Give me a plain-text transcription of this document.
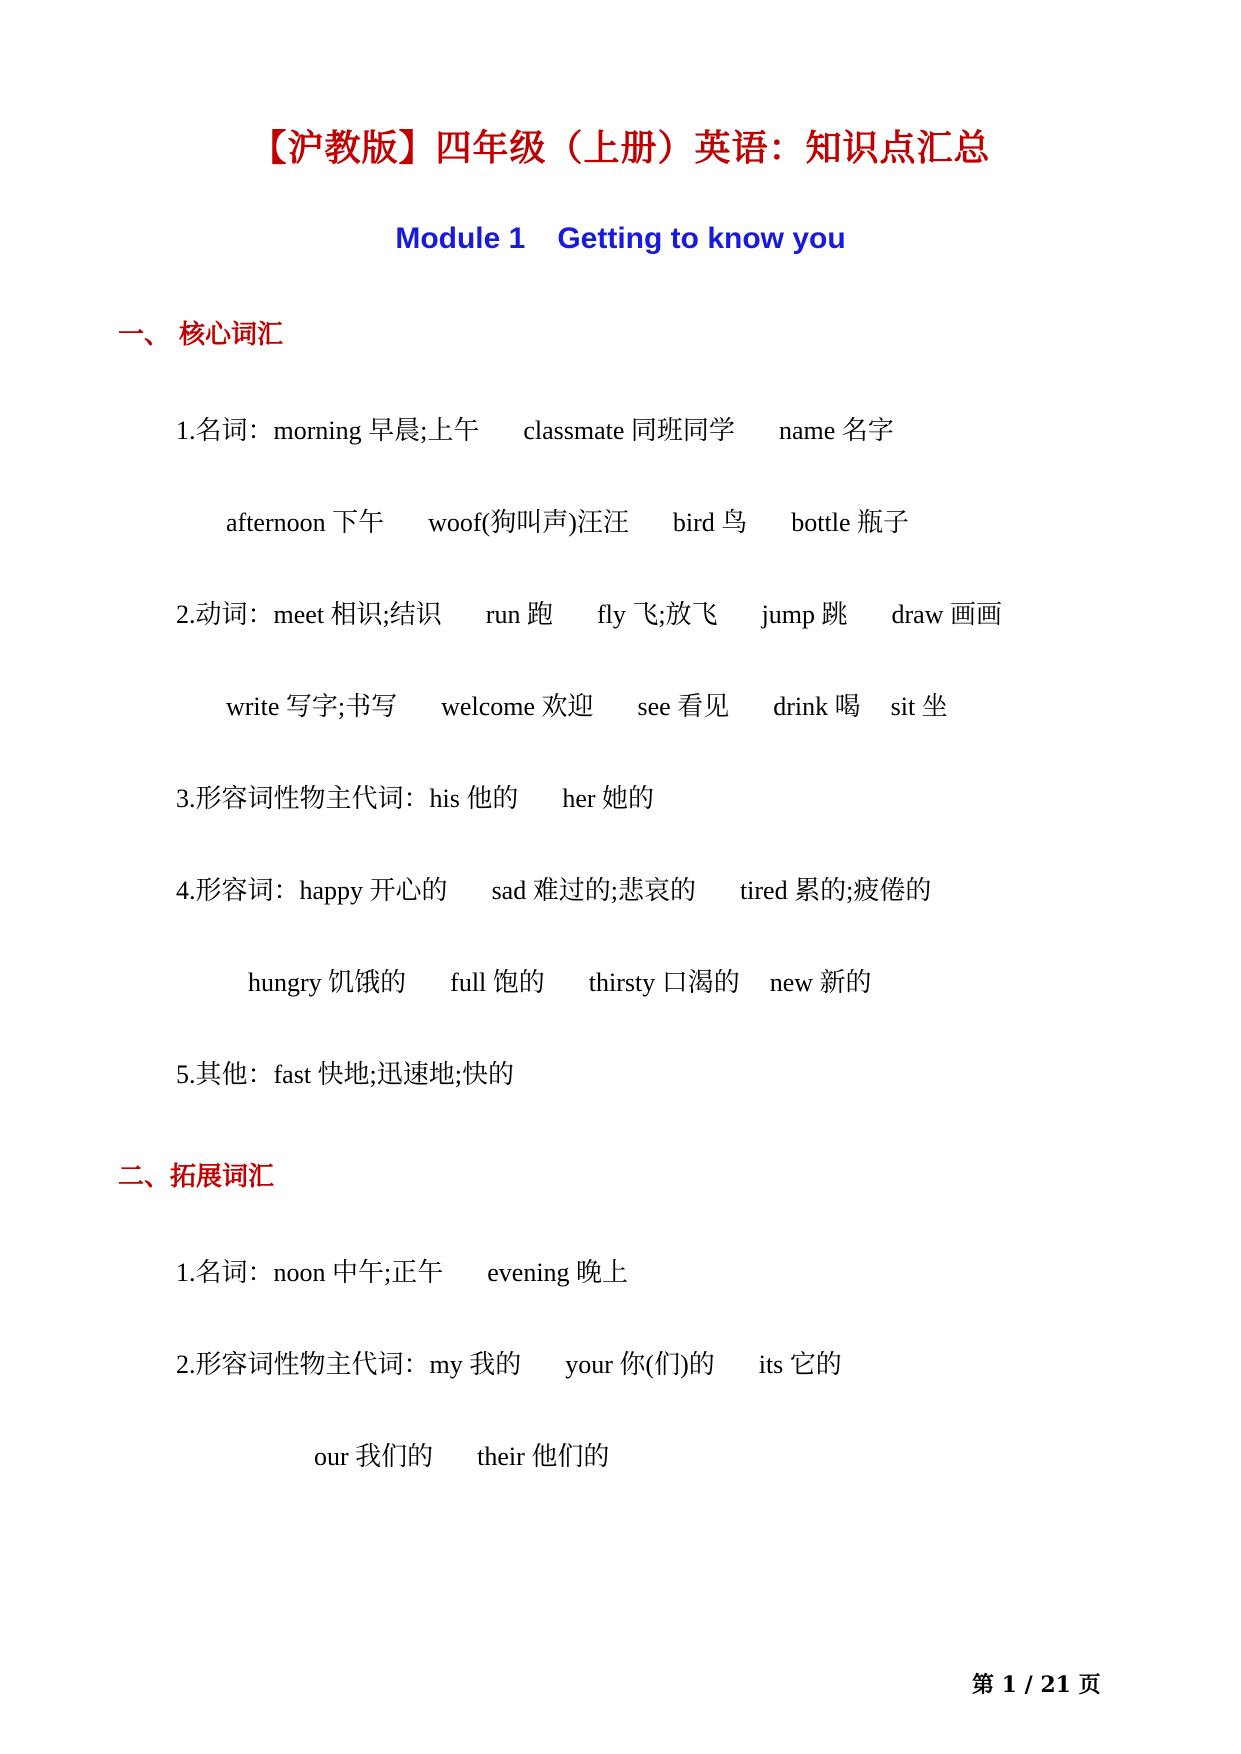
【沪教版】四年级（上册）英语：知识点汇总
Module 1 Getting to know you
一、 核心词汇
1.名词：morning 早晨;上午 classmate 同班同学 name 名字
afternoon 下午 woof(狗叫声)汪汪 bird 鸟 bottle 瓶子
2.动词：meet 相识;结识 run 跑 fly 飞;放飞 jump 跳 draw 画画
write 写字;书写 welcome 欢迎 see 看见 drink 喝 sit 坐
3.形容词性物主代词：his 他的 her 她的
4.形容词：happy 开心的 sad 难过的;悲哀的 tired 累的;疲倦的
hungry 饥饿的 full 饱的 thirsty 口渴的 new 新的
5.其他：fast 快地;迅速地;快的
二、拓展词汇
1.名词：noon 中午;正午 evening 晚上
2.形容词性物主代词：my 我的 your 你(们)的 its 它的
our 我们的 their 他们的
第 1 / 21 页
